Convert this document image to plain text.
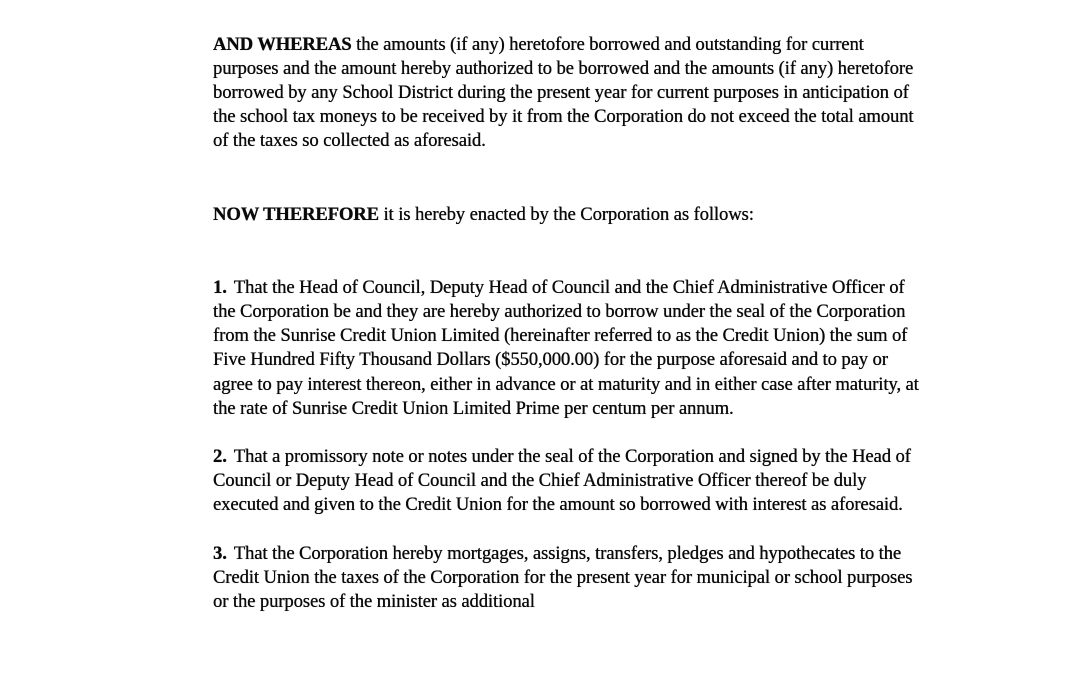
AND WHEREAS the amounts (if any) heretofore borrowed and outstanding for current purposes and the amount hereby authorized to be borrowed and the amounts (if any) heretofore borrowed by any School District during the present year for current purposes in anticipation of the school tax moneys to be received by it from the Corporation do not exceed the total amount of the taxes so collected as aforesaid.

NOW THEREFORE it is hereby enacted by the Corporation as follows:

1. That the Head of Council, Deputy Head of Council and the Chief Administrative Officer of the Corporation be and they are hereby authorized to borrow under the seal of the Corporation from the Sunrise Credit Union Limited (hereinafter referred to as the Credit Union) the sum of Five Hundred Fifty Thousand Dollars ($550,000.00) for the purpose aforesaid and to pay or agree to pay interest thereon, either in advance or at maturity and in either case after maturity, at the rate of Sunrise Credit Union Limited Prime per centum per annum.

2. That a promissory note or notes under the seal of the Corporation and signed by the Head of Council or Deputy Head of Council and the Chief Administrative Officer thereof be duly executed and given to the Credit Union for the amount so borrowed with interest as aforesaid.

3. That the Corporation hereby mortgages, assigns, transfers, pledges and hypothecates to the Credit Union the taxes of the Corporation for the present year for municipal or school purposes or the purposes of the minister as additional
